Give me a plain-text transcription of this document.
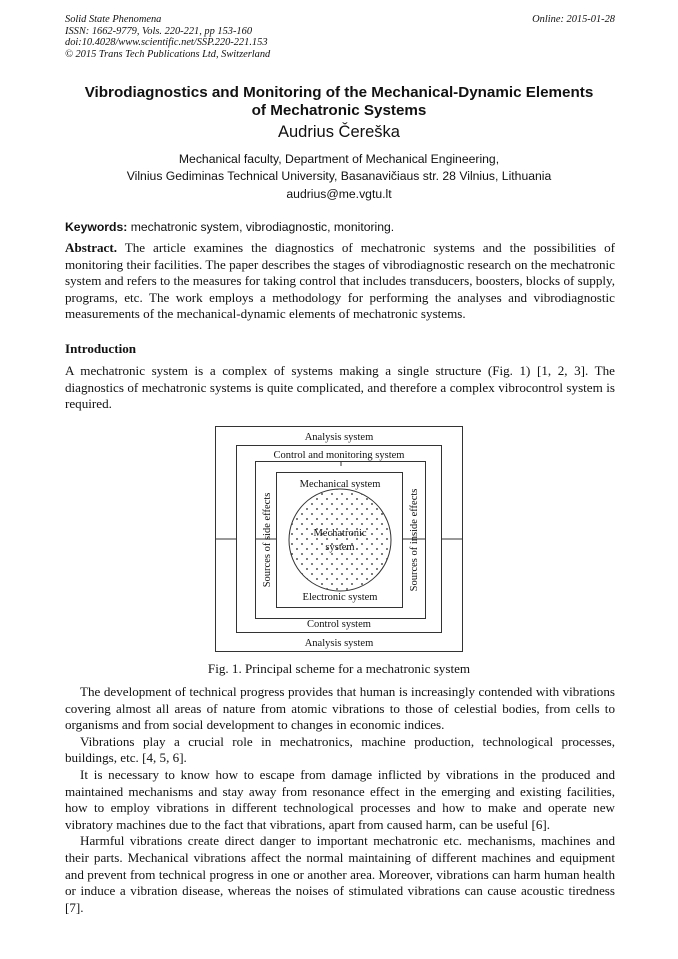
Solid State Phenomena
ISSN: 1662-9779, Vols. 220-221, pp 153-160
doi:10.4028/www.scientific.net/SSP.220-221.153
© 2015 Trans Tech Publications Ltd, Switzerland
Online: 2015-01-28
Vibrodiagnostics and Monitoring of the Mechanical-Dynamic Elements
of Mechatronic Systems
Audrius Čereška
Mechanical faculty, Department of Mechanical Engineering,
Vilnius Gediminas Technical University, Basanavičiaus str. 28 Vilnius, Lithuania
audrius@me.vgtu.lt
Keywords: mechatronic system, vibrodiagnostic, monitoring.
Abstract. The article examines the diagnostics of mechatronic systems and the possibilities of monitoring their facilities. The paper describes the stages of vibrodiagnostic research on the mechatronic system and refers to the measures for taking control that includes transducers, boosters, blocks of supply, programs, etc. The work employs a methodology for performing the analyses and vibrodiagnostic measurements of the mechanical-dynamic elements of mechatronic systems.
Introduction
A mechatronic system is a complex of systems making a single structure (Fig. 1) [1, 2, 3]. The diagnostics of mechatronic systems is quite complicated, and therefore a complex vibrocontrol system is required.
Analysis system
Control and monitoring system
Mechanical system
Mechatronic
system
Electronic system
Control system
Analysis system
Sources of side effects	Sources of inside effects
Fig. 1. Principal scheme for a mechatronic system

The development of technical progress provides that human is increasingly contended with vibrations covering almost all areas of nature from atomic vibrations to those of celestial bodies, from cells to organisms and from social development to changes in economic indices.

Vibrations play a crucial role in mechatronics, machine production, technological processes, buildings, etc. [4, 5, 6].

It is necessary to know how to escape from damage inflicted by vibrations in the produced and maintained mechanisms and stay away from resonance effect in the emerging and existing facilities, how to employ vibrations in different technological processes and how to make and operate new vibratory machines due to the fact that vibrations, apart from caused harm, can be useful [6].

Harmful vibrations create direct danger to important mechatronic etc. mechanisms, machines and their parts. Mechanical vibrations affect the normal maintaining of different machines and equipment and prevent from technical progress in one or another area. Moreover, vibrations can harm human health or induce a vibration disease, whereas the noises of stimulated vibrations can cause acoustic tiredness [7].
